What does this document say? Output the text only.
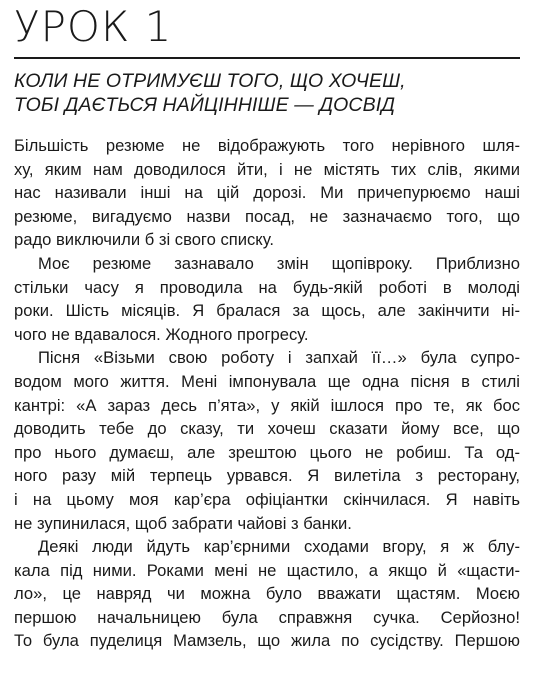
УРОК 1
КОЛИ НЕ ОТРИМУЄШ ТОГО, ЩО ХОЧЕШ,
ТОБІ ДАЄТЬСЯ НАЙЦІННІШЕ — ДОСВІД
Більшість резюме не відображують того нерівного шля-
ху, яким нам доводилося йти, і не містять тих слів, якими
нас називали інші на цій дорозі. Ми причепурюємо наші
резюме, вигадуємо назви посад, не зазначаємо того, що
радо виключили б зі свого списку.
Моє резюме зазнавало змін щопівроку. Приблизно
стільки часу я проводила на будь-якій роботі в молоді
роки. Шість місяців. Я бралася за щось, але закінчити ні-
чого не вдавалося. Жодного прогресу.
Пісня «Візьми свою роботу і запхай її…» була супро-
водом мого життя. Мені імпонувала ще одна пісня в стилі
кантрі: «А зараз десь п’ята», у якій ішлося про те, як бос
доводить тебе до сказу, ти хочеш сказати йому все, що
про нього думаєш, але зрештою цього не робиш. Та од-
ного разу мій терпець урвався. Я вилетіла з ресторану,
і на цьому моя кар’єра офіціантки скінчилася. Я навіть
не зупинилася, щоб забрати чайові з банки.
Деякі люди йдуть кар’єрними сходами вгору, я ж блу-
кала під ними. Роками мені не щастило, а якщо й «щасти-
ло», це навряд чи можна було вважати щастям. Моєю
першою начальницею була справжня сучка. Серйозно!
То була пуделиця Мамзель, що жила по сусідству. Першою
